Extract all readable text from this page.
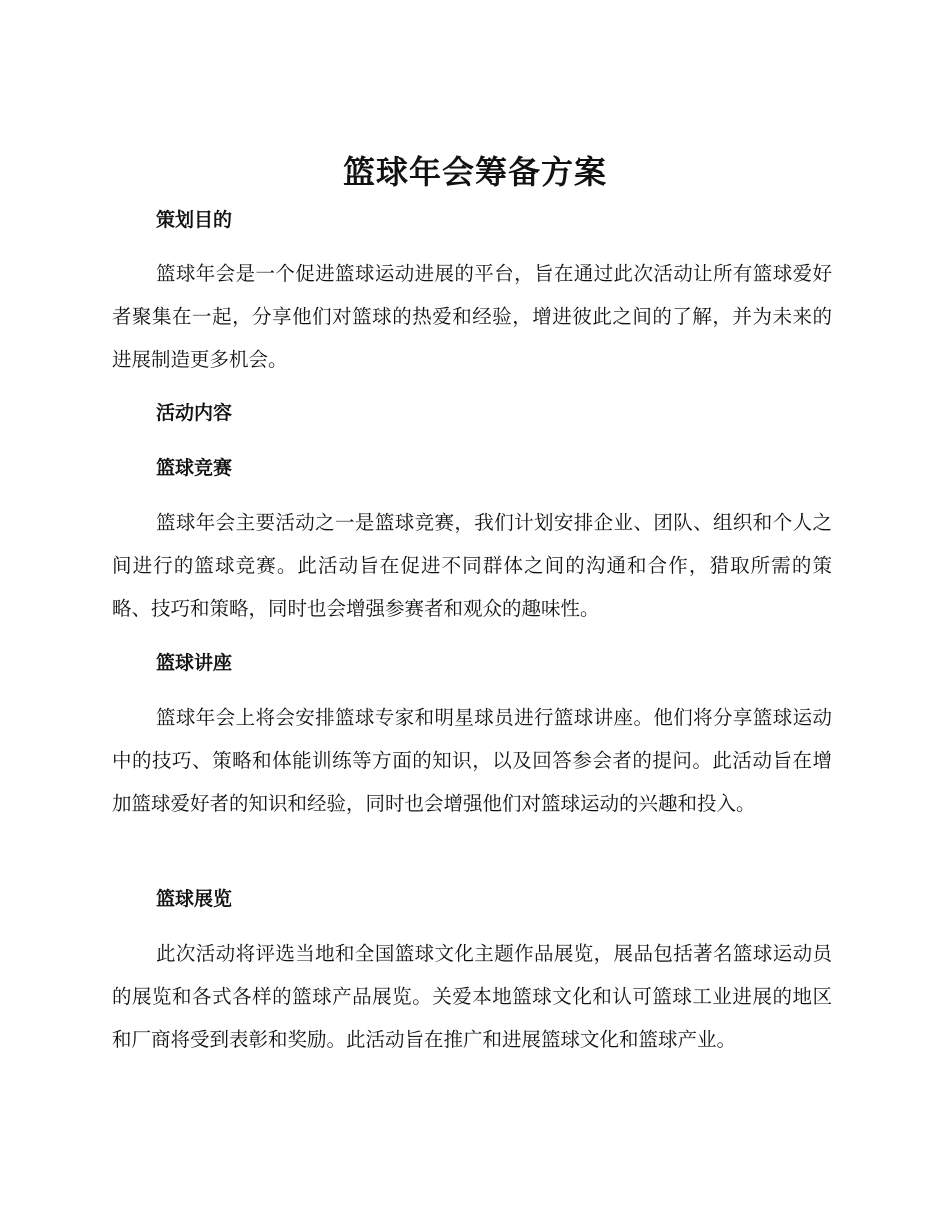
篮球年会筹备方案
策划目的

篮球年会是一个促进篮球运动进展的平台，旨在通过此次活动让所有篮球爱好者聚集在一起，分享他们对篮球的热爱和经验，增进彼此之间的了解，并为未来的进展制造更多机会。

活动内容
篮球竞赛

篮球年会主要活动之一是篮球竞赛，我们计划安排企业、团队、组织和个人之间进行的篮球竞赛。此活动旨在促进不同群体之间的沟通和合作，猎取所需的策略、技巧和策略，同时也会增强参赛者和观众的趣味性。

篮球讲座

篮球年会上将会安排篮球专家和明星球员进行篮球讲座。他们将分享篮球运动中的技巧、策略和体能训练等方面的知识，以及回答参会者的提问。此活动旨在增加篮球爱好者的知识和经验，同时也会增强他们对篮球运动的兴趣和投入。

篮球展览

此次活动将评选当地和全国篮球文化主题作品展览，展品包括著名篮球运动员的展览和各式各样的篮球产品展览。关爱本地篮球文化和认可篮球工业进展的地区和厂商将受到表彰和奖励。此活动旨在推广和进展篮球文化和篮球产业。
